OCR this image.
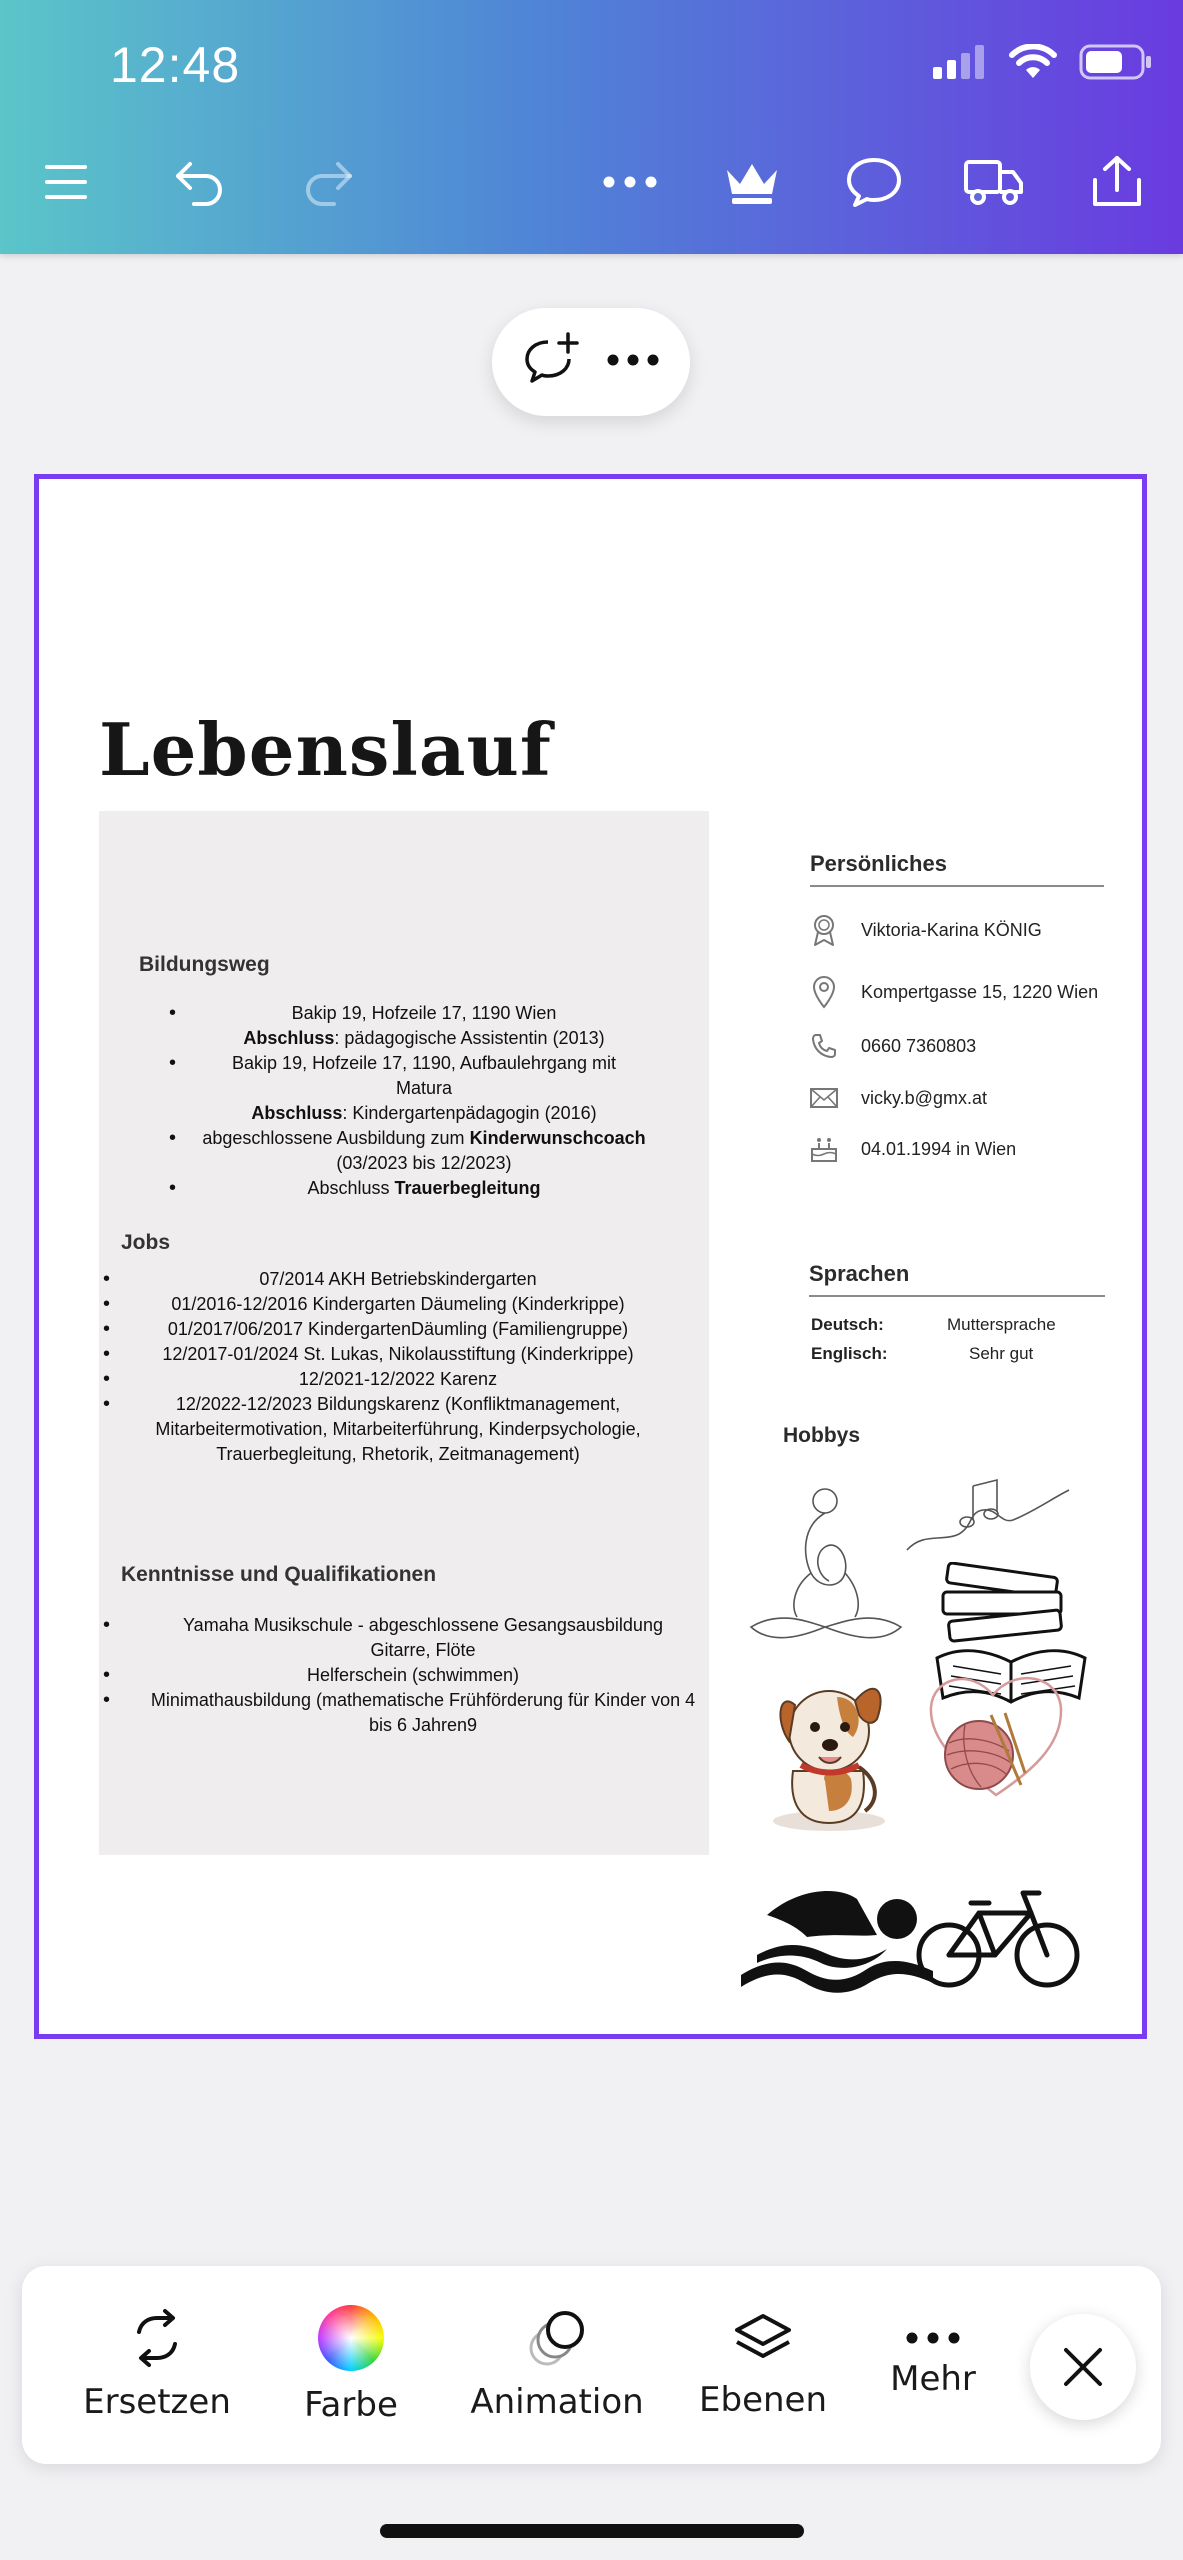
12:48
Lebenslauf
Bildungsweg
• Bakip 19, Hofzeile 17, 1190 Wien
Abschluss: pädagogische Assistentin (2013)
• Bakip 19, Hofzeile 17, 1190, Aufbaulehrgang mit
Matura
Abschluss: Kindergartenpädagogin (2016)
• abgeschlossene Ausbildung zum Kinderwunschcoach
(03/2023 bis 12/2023)
• Abschluss Trauerbegleitung
Jobs
• 07/2014 AKH Betriebskindergarten
• 01/2016-12/2016 Kindergarten Däumeling (Kinderkrippe)
• 01/2017/06/2017 KindergartenDäumling (Familiengruppe)
• 12/2017-01/2024 St. Lukas, Nikolausstiftung (Kinderkrippe)
• 12/2021-12/2022 Karenz
• 12/2022-12/2023 Bildungskarenz (Konfliktmanagement, Mitarbeitermotivation, Mitarbeiterführung, Kinderpsychologie, Trauerbegleitung, Rhetorik, Zeitmanagement)
Kenntnisse und Qualifikationen
• Yamaha Musikschule - abgeschlossene Gesangsausbildung Gitarre, Flöte
• Helferschein (schwimmen)
• Minimathausbildung (mathematische Frühförderung für Kinder von 4 bis 6 Jahren9
Persönliches
Viktoria-Karina KÖNIG
Kompertgasse 15, 1220 Wien
0660 7360803
vicky.b@gmx.at
04.01.1994 in Wien
Sprachen
Deutsch:	Muttersprache
Englisch:	Sehr gut
Hobbys
Ersetzen Farbe Animation Ebenen
Mehr
